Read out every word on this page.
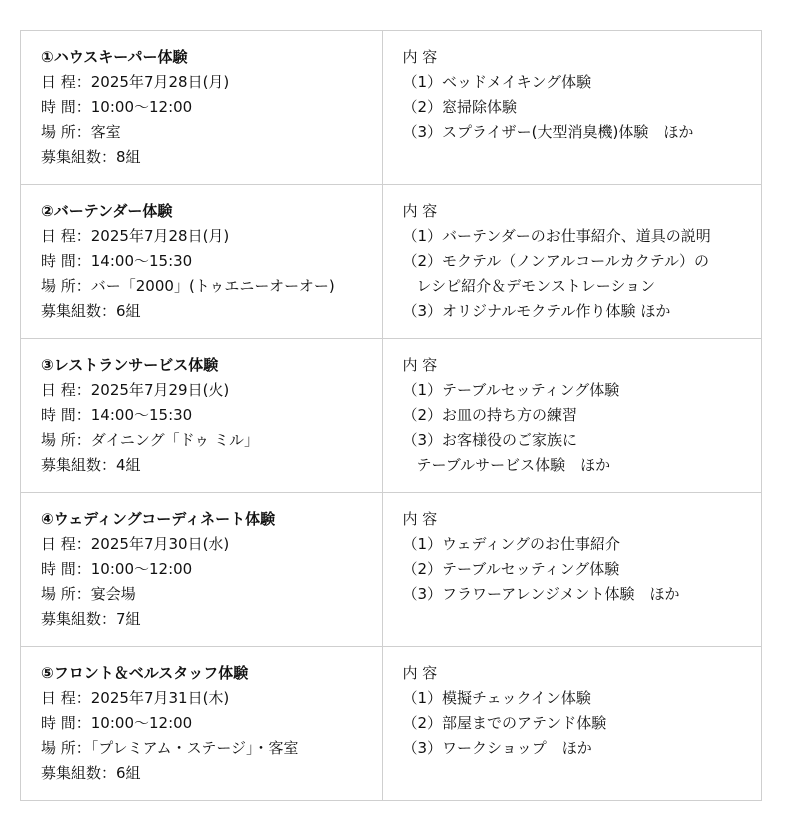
①ハウスキーパー体験
日 程：2025年7月28日(月)
時 間：10:00～12:00
場 所：客室
募集組数：8組
内 容
（1）ベッドメイキング体験
（2）窓掃除体験
（3）スプライザー(大型消臭機)体験　ほか
②バーテンダー体験
日 程：2025年7月28日(月)
時 間：14:00～15:30
場 所：バー「2000」(トゥエニーオーオー)
募集組数：6組
内 容
（1）バーテンダーのお仕事紹介、道具の説明
（2）モクテル（ノンアルコールカクテル）の
レシピ紹介＆デモンストレーション
（3）オリジナルモクテル作り体験 ほか
③レストランサービス体験
日 程：2025年7月29日(火)
時 間：14:00～15:30
場 所：ダイニング「ドゥ ミル」
募集組数：4組
内 容
（1）テーブルセッティング体験
（2）お皿の持ち方の練習
（3）お客様役のご家族に
テーブルサービス体験　ほか
④ウェディングコーディネート体験
日 程：2025年7月30日(水)
時 間：10:00～12:00
場 所：宴会場
募集組数：7組
内 容
（1）ウェディングのお仕事紹介
（2）テーブルセッティング体験
（3）フラワーアレンジメント体験　ほか
⑤フロント＆ベルスタッフ体験
日 程：2025年7月31日(木)
時 間：10:00～12:00
場 所：「プレミアム・ステージ」・客室
募集組数：6組
内 容
（1）模擬チェックイン体験
（2）部屋までのアテンド体験
（3）ワークショップ　ほか
